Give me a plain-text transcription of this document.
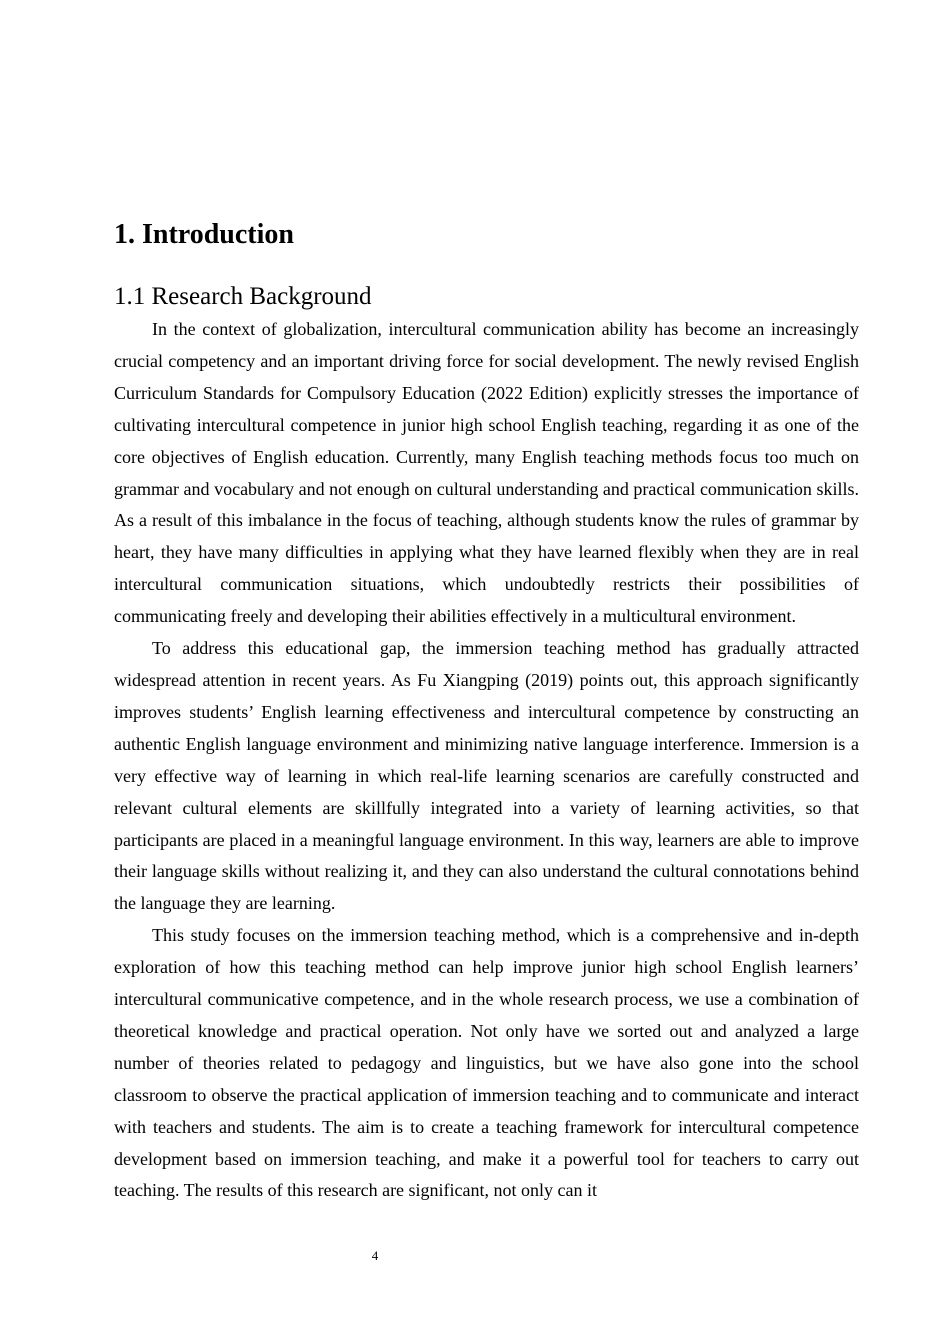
1. Introduction
1.1 Research Background

In the context of globalization, intercultural communication ability has become an increasingly crucial competency and an important driving force for social development. The newly revised English Curriculum Standards for Compulsory Education (2022 Edition) explicitly stresses the importance of cultivating intercultural competence in junior high school English teaching, regarding it as one of the core objectives of English education. Currently, many English teaching methods focus too much on grammar and vocabulary and not enough on cultural understanding and practical communication skills. As a result of this imbalance in the focus of teaching, although students know the rules of grammar by heart, they have many difficulties in applying what they have learned flexibly when they are in real intercultural communication situations, which undoubtedly restricts their possibilities of communicating freely and developing their abilities effectively in a multicultural environment.

To address this educational gap, the immersion teaching method has gradually attracted widespread attention in recent years. As Fu Xiangping (2019) points out, this approach significantly improves students’ English learning effectiveness and intercultural competence by constructing an authentic English language environment and minimizing native language interference. Immersion is a very effective way of learning in which real-life learning scenarios are carefully constructed and relevant cultural elements are skillfully integrated into a variety of learning activities, so that participants are placed in a meaningful language environment. In this way, learners are able to improve their language skills without realizing it, and they can also understand the cultural connotations behind the language they are learning.

This study focuses on the immersion teaching method, which is a comprehensive and in-depth exploration of how this teaching method can help improve junior high school English learners’ intercultural communicative competence, and in the whole research process, we use a combination of theoretical knowledge and practical operation. Not only have we sorted out and analyzed a large number of theories related to pedagogy and linguistics, but we have also gone into the school classroom to observe the practical application of immersion teaching and to communicate and interact with teachers and students. The aim is to create a teaching framework for intercultural competence development based on immersion teaching, and make it a powerful tool for teachers to carry out teaching. The results of this research are significant, not only can it

4
